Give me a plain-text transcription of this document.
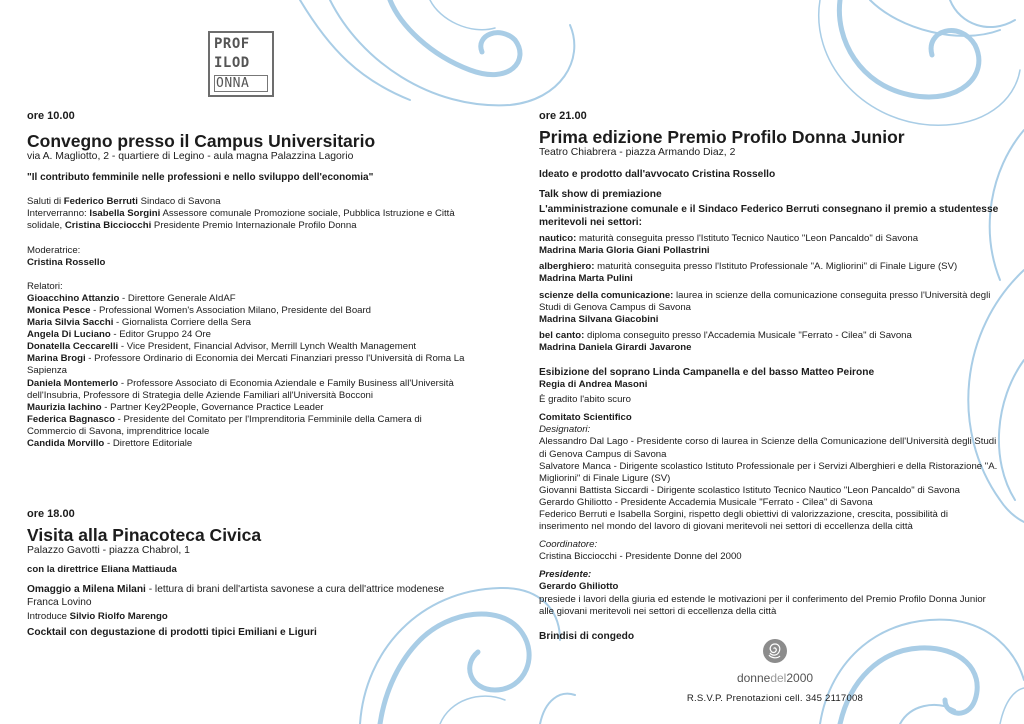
PROF
ILOD
ONNA
ore 10.00
Convegno presso il Campus Universitario
via A. Magliotto, 2 - quartiere di Legino - aula magna Palazzina Lagorio
"Il contributo femminile nelle professioni e nello sviluppo dell'economia"

Saluti di Federico Berruti Sindaco di Savona

Interverranno: Isabella Sorgini Assessore comunale Promozione sociale, Pubblica Istruzione e Città solidale, Cristina Bicciocchi Presidente Premio Internazionale Profilo Donna

Moderatrice:

Cristina Rossello

Relatori:

Gioacchino Attanzio - Direttore Generale AIdAF

Monica Pesce - Professional Women's Association Milano, Presidente del Board

Maria Silvia Sacchi - Giornalista Corriere della Sera

Angela Di Luciano - Editor Gruppo 24 Ore

Donatella Ceccarelli - Vice President, Financial Advisor, Merrill Lynch Wealth Management

Marina Brogi - Professore Ordinario di Economia dei Mercati Finanziari presso l'Università di Roma La Sapienza

Daniela Montemerlo - Professore Associato di Economia Aziendale e Family Business all'Università dell'Insubria, Professore di Strategia delle Aziende Familiari all'Università Bocconi

Maurizia Iachino - Partner Key2People, Governance Practice Leader

Federica Bagnasco - Presidente del Comitato per l'Imprenditoria Femminile della Camera di Commercio di Savona, imprenditrice locale

Candida Morvillo - Direttore Editoriale

ore 18.00
Visita alla Pinacoteca Civica
Palazzo Gavotti - piazza Chabrol, 1

con la direttrice Eliana Mattiauda

Omaggio a Milena Milani - lettura di brani dell'artista savonese a cura dell'attrice modenese Franca Lovino

Introduce Silvio Riolfo Marengo

Cocktail con degustazione di prodotti tipici Emiliani e Liguri

ore 21.00
Prima edizione Premio Profilo Donna Junior
Teatro Chiabrera - piazza Armando Diaz, 2

Ideato e prodotto dall'avvocato Cristina Rossello

Talk show di premiazione

L'amministrazione comunale e il Sindaco Federico Berruti consegnano il premio a studentesse meritevoli nei settori:

nautico: maturità conseguita presso l'Istituto Tecnico Nautico "Leon Pancaldo" di Savona

Madrina Maria Gloria Giani Pollastrini

alberghiero: maturità conseguita presso l'Istituto Professionale "A. Migliorini" di Finale Ligure (SV)

Madrina Marta Pulini

scienze della comunicazione: laurea in scienze della comunicazione conseguita presso l'Università degli Studi di Genova Campus di Savona

Madrina Silvana Giacobini

bel canto: diploma conseguito presso l'Accademia Musicale "Ferrato - Cilea" di Savona

Madrina Daniela Girardi Javarone

Esibizione del soprano Linda Campanella e del basso Matteo Peirone

Regia di Andrea Masoni

È gradito l'abito scuro

Comitato Scientifico

Designatori:

Alessandro Dal Lago - Presidente corso di laurea in Scienze della Comunicazione dell'Università degli Studi di Genova Campus di Savona
Salvatore Manca - Dirigente scolastico Istituto Professionale per i Servizi Alberghieri e della Ristorazione "A. Migliorini" di Finale Ligure (SV)
Giovanni Battista Siccardi - Dirigente scolastico Istituto Tecnico Nautico "Leon Pancaldo" di Savona
Gerardo Ghiliotto - Presidente Accademia Musicale "Ferrato - Cilea" di Savona
Federico Berruti e Isabella Sorgini, rispetto degli obiettivi di valorizzazione, crescita, possibilità di inserimento nel mondo del lavoro di giovani meritevoli nei settori di eccellenza della città

Coordinatore:

Cristina Bicciocchi - Presidente Donne del 2000

Presidente:

Gerardo Ghiliotto

presiede i lavori della giuria ed estende le motivazioni per il conferimento del Premio Profilo Donna Junior alle giovani meritevoli nei settori di eccellenza della città

Brindisi di congedo

donnedel2000
R.S.V.P. Prenotazioni cell. 345 2117008
